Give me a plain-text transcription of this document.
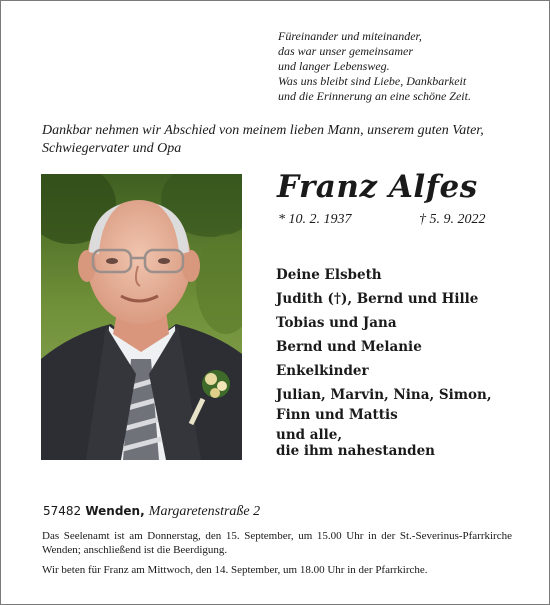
Füreinander und miteinander,
das war unser gemeinsamer
und langer Lebensweg.
Was uns bleibt sind Liebe, Dankbarkeit
und die Erinnerung an eine schöne Zeit.
Dankbar nehmen wir Abschied von meinem lieben Mann, unserem guten Vater, Schwiegervater und Opa
Franz Alfes
* 10. 2. 1937	† 5. 9. 2022
Deine Elsbeth
Judith (†), Bernd und Hille
Tobias und Jana
Bernd und Melanie
Enkelkinder
Julian, Marvin, Nina, Simon,
Finn und Mattis
und alle,
die ihm nahestanden
57482 Wenden, Margaretenstraße 2
Das Seelenamt ist am Donnerstag, den 15. September, um 15.00 Uhr in der St.-Severinus-Pfarrkirche Wenden; anschließend ist die Beerdigung.
Wir beten für Franz am Mittwoch, den 14. September, um 18.00 Uhr in der Pfarrkirche.
